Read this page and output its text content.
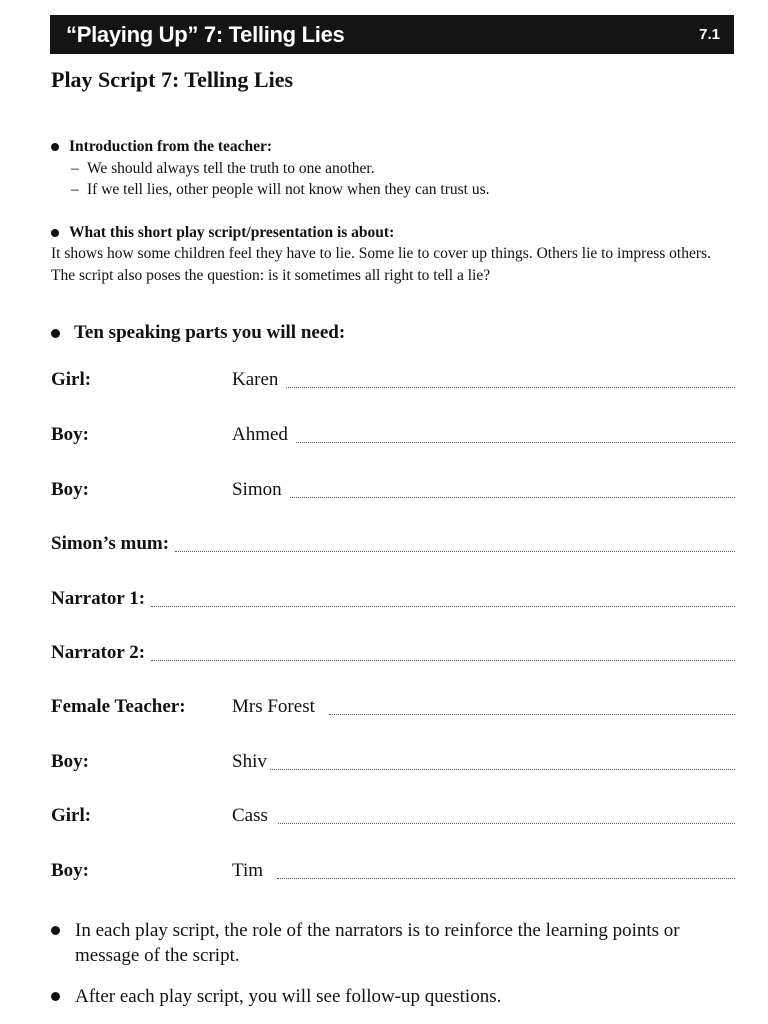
“Playing Up” 7: Telling Lies	7.1
Play Script 7: Telling Lies
Introduction from the teacher:
– We should always tell the truth to one another.
– If we tell lies, other people will not know when they can trust us.
What this short play script/presentation is about:

It shows how some children feel they have to lie. Some lie to cover up things. Others lie to impress others. The script also poses the question: is it sometimes all right to tell a lie?

Ten speaking parts you will need:
Girl:	Karen
Boy:	Ahmed
Boy:	Simon
Simon’s mum:
Narrator 1:
Narrator 2:
Female Teacher:	Mrs Forest
Boy:	Shiv
Girl:	Cass
Boy:	Tim
In each play script, the role of the narrators is to reinforce the learning points or message of the script.
After each play script, you will see follow-up questions.
